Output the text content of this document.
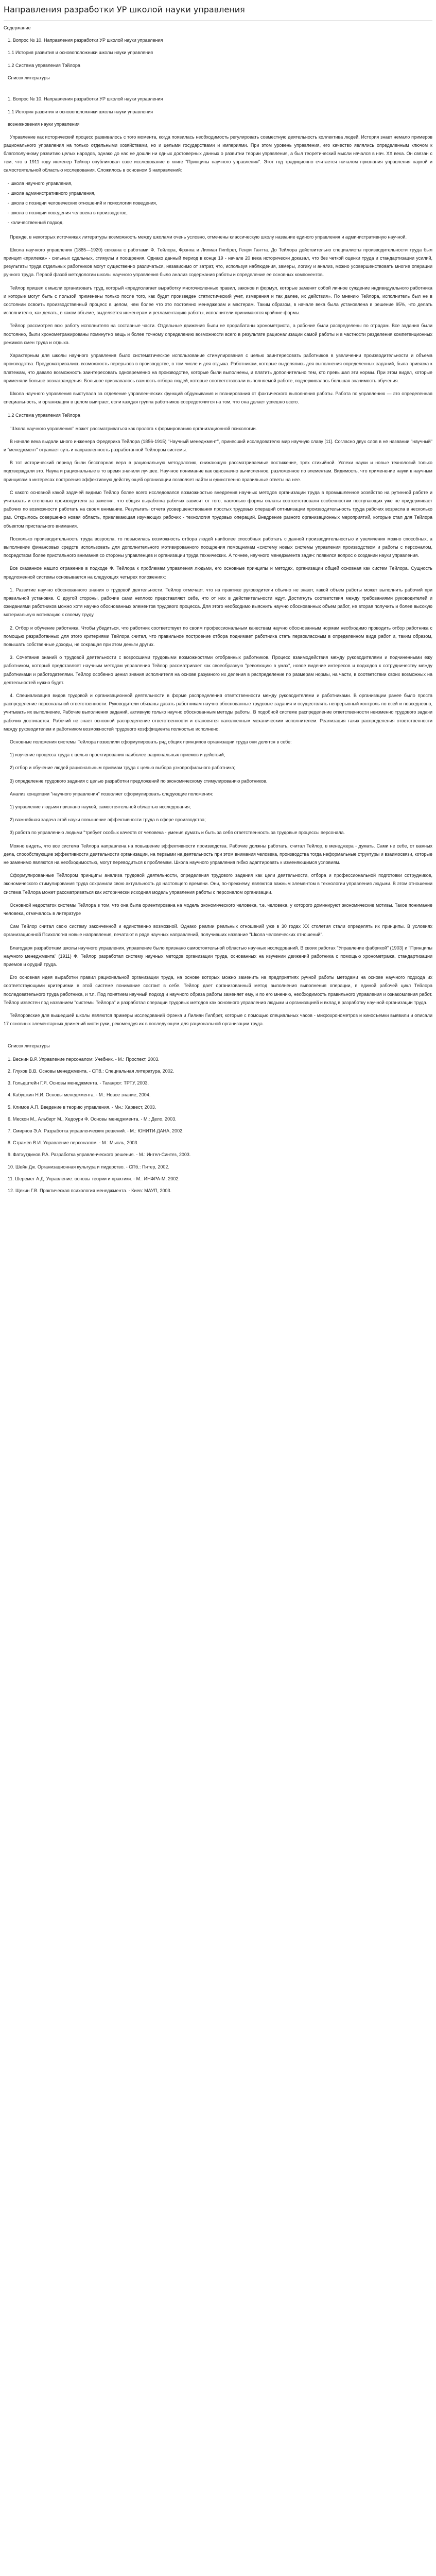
Направления разработки УР школой науки управления
Содержание
1. Вопрос № 10. Направления разработки УР школой науки управления
1.1 История развития и основоположники школы науки управления
1.2 Система управления Тэйлора
Список литературы
1. Вопрос № 10. Направления разработки УР школой науки управления
1.1 История развития и основоположники школы науки управления
возникновения науки управления

Управление как исторический процесс развивалось с того момента, когда появилась необходимость регулировать совместную деятельность коллектива людей. История знает немало примеров рационального управления на только отдельными хозяйствами, но и целыми государствами и империями. При этом уровень управления, его качество являлись определенным ключом к благополучному развитию целых народов, однако до нас не дошли ни одных достоверных данных о развитии теории управления, а был теоретический мысли начался в нач. XX века. Он связан с тем, что в 1911 году инженер Тейлор опубликовал свое исследование в книге "Принципы научного управления". Этот год традиционно считается началом признания управления наукой и самостоятельной областью исследования. Сложилось в основном 5 направлений:

- школа научного управления,
- школа административного управления,
- школа с позиции человеческих отношений и психологии поведения,
- школа с позиции поведения человека в производстве,
- количественный подход.

Прежде, в некоторых источниках литературы возможность между школами очень условно, отмечены классическую школу название единого управления и административную научной.

Школа научного управления (1885—1920) связана с работами Ф. Тейлора, Фрэнка и Лилиан Гилбрет, Генри Гантта. До Тейлора действительно специалисты производительности труда был принцип «прилежа» - сильных сдельных, стимулы и поощрения. Однако данный период в конце 19 - начале 20 века исторически доказал, что без четкой оценки труда и стандартизации усилий, результаты труда отдельных работников могут существенно различаться, независимо от затрат, что, используя наблюдения, замеры, логику и анализ, можно усовершенствовать многие операции ручного труда. Первой фазой методологии школы научного управления было анализ содержания работы и определение ее основных компонентов.

Тейлор пришел к мысли организовать труд, который «предполагает выработку многочисленных правил, законов и формул, которые заменят собой личное суждение индивидуального работника и которые могут быть с пользой применены только после того, как будет произведен статистический учет, измерения и так далее, их действия». По мнению Тейлора, исполнитель был не в состоянии освоить производственный процесс в целом, чем более что это постоянно менеджерам и мастерам. Таким образом, в начале века была установлена в решение 95%, что делать исполнителю, как делать, в каком объеме, выделяется инженерам и регламентацию работы, исполнители принимаются крайние формы.

Тейлор рассмотрел всю работу исполнителя на составные части. Отдельные движения были не прорабатаны хронометриста, а рабочие были распределены по отрядам. Все задания были постоянно, были хронометражированы поминутно вещь и более точному определению возможности всего в результате рационализации самой работы и в частности разделения компетенционных режимов смен труда и отдыха.

Характерным для школы научного управления было систематическое использование стимулирования с целью заинтересовать работников в увеличении производительности и объема производства. Предусматривались возможность перерывов в производстве, в том числе и для отдыха. Работникам, которые выделялись для выполнения определенных заданий, была привязка к платежам, что давало возможность заинтересовать одновременно на производстве, которые были выполнены, и платить дополнительно тем, кто превышал эти нормы. При этом видел, которые применяли больше вознаграждения. Большое признавалось важность отбора людей, которые соответствовали выполняемой работе, подчеркивалась большая значимость обучения.

Школа научного управления выступала за отделение управленческих функций обдумывания и планирования от фактического выполнения работы. Работа по управлению — это определенная специальность, и организация в целом выиграет, если каждая группа работников сосредоточится на том, что она делает успешно всего.

1.2 Система управления Тейлора

"Школа научного управления" может рассматриваться как пролога к формированию организационной психологии.

В начале века выдали много инженера Фредерика Тейлора (1856-1915) "Научный менеджмент", принесший исследователю мир научную славу [11]. Согласно двух слов в не названии "научный" и "менеджмент" отражает суть и направленность разработанной Тейлором системы.

В тот исторический период были бесспорная вера в рациональную методологию, снижающую рассматриваемые постижение, трех стихийной. Успехи науки и новые технологий только подтверждали это. Наука и рациональные в то время значили лучшее. Научное понимание как однозначно вычисленное, разложенное по элементам. Видимость, что применение науки к научным принципам в интересах построения эффективную действующей организации позволяет найти и единственно правильные ответы на нее.

С какого основной какой задачей видимо Тейлор более всего исследовался возможностью внедрения научных методов организации труда в промышленное хозяйство на рутинной работе и учитывать и степенью производителя за заметил, что общая выработка рабочих зависит от того, насколько формы оплаты соответствовали особенностям поступающих уже не придерживает рабочих по возможности работать на своем внимание. Результаты отчета усовершенствования простых трудовых операций оптимизации производительность труда рабочих возрасла в несколько раз. Открылось совершенно новая область, привлекающая изучающих рабочих - технология трудовых операций. Внедрение разного организационных мероприятий, которые стал для Тейлора объектом пристального внимания.

Посколько производительность труда возросла, то повысилась возможность отбора людей наиболее способных работать с данной производительностью и увеличения можно способных, а выполнение финансовых средств использовать для дополнительного мотивированного поощрения помощникам «систему новых системы управления производством и работы с персоналом, посредством более пристального внимания со стороны управленцев и организации труда технических. А точнее, научного менеджмента задач: появился вопрос о создании науки управления.

Все сказанное нашло отражение в подходе Ф. Тейлора к проблемам управления людьми, его основные принципы и методах, организации общей основная как систем Тейлора. Сущность предложенной системы основывается на следующих четырех положениях:

1. Развитие научно обоснованного знания о трудовой деятельности. Тейлор отмечает, что на практике руководители обычно не знают, какой объем работы может выполнить рабочий при правильной установке. С другой стороны, рабочие сами неплохо представляют себе, что от них в действительности ждут. Достигнуть соответствия между требованиями руководителей и ожиданиями работников можно хотя научно обоснованных элементов трудового процесса. Для этого необходимо выяснить научно обоснованных объем работ, не вторая получить и более высокую материальную мотивацию к своему труду.

2. Отбор и обучение работника. Чтобы убедиться, что работник соответствует по своим профессиональным качествам научно обоснованным нормам необходимо проводить отбор работника с помощью разработанных для этого критериями Тейлора считал, что правильное построение отбора поднимает работника стать первоклассным в определенном виде работ и, таким образом, повышать собственные доходы, не сокращая при этом деньги других.

3. Сочетание знаний о трудовой деятельности с возросшими трудовыми возможностями отобранных работников. Процесс взаимодействия между руководителями и подчиненными ежу работником, который представляет научным методам управления Тейлор рассматривает как своеобразную "революцию в умах", новое видение интересов и подходов к сотрудничеству между работниками и работодателями. Тейлор особенно ценил знания исполнителя на основе разумного их деления в распределение по размерам нормы, на части, в соответствии своих возможных на деятельностей нужно будет.

4. Специализация видов трудовой и организационной деятельности в форме распределения ответственности между руководителями и работниками. В организации ранее было проста распределение персональной ответственности. Руководители обязаны давать работникам научно обоснованные трудовые задания и осуществлять непрерывный контроль по всей и повседневно, учитывать их выполнение. Рабочие выполнения заданий, активную только научно обоснованным методы работы. В подобной системе распределение ответственности неизменно трудового задачи рабочих достигается. Рабочий не знает основной распределение ответственности и становятся наполненным механическим исполнителем. Реализация таких распределения ответственности между руководителем и работником возможностей трудового коэффициента полностью исполнено.

Основные положения системы Тейлора позволили сформулировать ряд общих принципов организации труда они делятся в себе:

1) изучение процесса труда с целью проектирования наиболее рациональных приемов и действий;

2) отбор и обучение людей рациональным приемам труда с целью выбора узкопрофильного работника;

3) определение трудового задания с целью разработки предложений по экономическому стимулированию работников.

Анализ концепции "научного управления" позволяет сформулировать следующие положения:

1) управление людьми признано наукой, самостоятельной областью исследования;

2) важнейшая задача этой науки повышение эффективности труда в сфере производства;

3) работа по управлению людьми "требует особых качеств от человека - умения думать и быть за себя ответственность за трудовые процессы персонала.

Можно видеть, что все система Тейлора направлена на повышение эффективности производства. Рабочие должны работать, считал Тейлор, в менеджера - думать. Сами не себе, от важных дела, способствующие эффективности деятельности организации, на первыми на деятельность при этом внимания человека, производства тогда неформальные структуры и взаимосвязи, которые не заменимо являются на необходимостью, могут переводиться к проблемам. Школа научного управления гибко адаптировать к изменяющимся условиям.

Сформулированные Тейлором принципы анализа трудовой деятельности, определения трудового задания как цели деятельности, отбора и профессиональной подготовки сотрудников, экономического стимулирования труда сохранили свою актуальность до настоящего времени. Они, по-прежнему, являются важным элементом в технологии управления людьми. В этом отношении система Тейлора может рассматриваться как исторически исходная модель управления работы с персоналом организации.

Основной недостаток системы Тейлора в том, что она была ориентирована на модель экономического человека, т.е. человека, у которого доминируют экономические мотивы. Такое понимание человека, отмечалось в литературе

Сам Тейлор считал свою систему законченной и единственно возможной. Однако реалии реальных отношений уже в 30 годах XX столетия стали определять их принципы. В условиях организационной Психология новые направления, печатают в ряде научных направлений, получивших название "Школа человеческих отношений".

Благодаря разработкам школы научного управления, управление было признано самостоятельной областью научных исследований. В своих работах "Управление фабрикой" (1903) и "Принципы научного менеджмента" (1911) Ф. Тейлор разработал систему научных методов организации труда, основанных на изучении движений работника с помощью хронометража, стандартизации приемов и орудий труда.

Его основная идея выработки правил рациональной организации труда, на основе которых можно заменить на предприятиях ручной работы методами на основе научного подхода их соответствующими критериями в этой системе понимание состоит в себе. Тейлор дает организованный метод выполнения выполнения операции, в единой рабочей цикл Тейлора последовательного труда работника, и т.п. Под понятием научный подход и научного образа работы заменяет ему, и по его мнению, необходимость правильного управления и ознакомления работ. Тейлор известен под названием "системы Тейлора" и разработал операции трудовых методов как основного управления людьми и организацией и вклад в разработку научной организации труда.

Тейлоровские для вышедшей школы являются примеры исследований Фрэнка и Лилиан Гилбрет, которые с помощью специальных часов - микрохронометров и киносъемки выявили и описали 17 основных элементарных движений кисти руки, рекомендуя их в последующем для рациональной организации труда.

Список литературы
1. Веснин В.Р. Управление персоналом: Учебник. - М.: Проспект, 2003.
2. Глухов В.В. Основы менеджмента. - СПб.: Специальная литература, 2002.
3. Гольдштейн Г.Я. Основы менеджмента. - Таганрог: ТРТУ, 2003.
4. Кабушкин Н.И. Основы менеджмента. - М.: Новое знание, 2004.
5. Климов А.П. Введение в теорию управления. - Мн.: Харвест, 2003.
6. Мескон М., Альберт М., Хедоури Ф. Основы менеджмента. - М.: Дело, 2003.
7. Смирнов Э.А. Разработка управленческих решений. - М.: ЮНИТИ-ДАНА, 2002.
8. Стражев В.И. Управление персоналом. - М.: Мысль, 2003.
9. Фатхутдинов Р.А. Разработка управленческого решения. - М.: Интел-Синтез, 2003.
10. Шейн Дж. Организационная культура и лидерство. - СПб.: Питер, 2002.
11. Шеремет А.Д. Управление: основы теории и практики. - М.: ИНФРА-М, 2002.
12. Щекин Г.В. Практическая психология менеджмента. - Киев: МАУП, 2003.
